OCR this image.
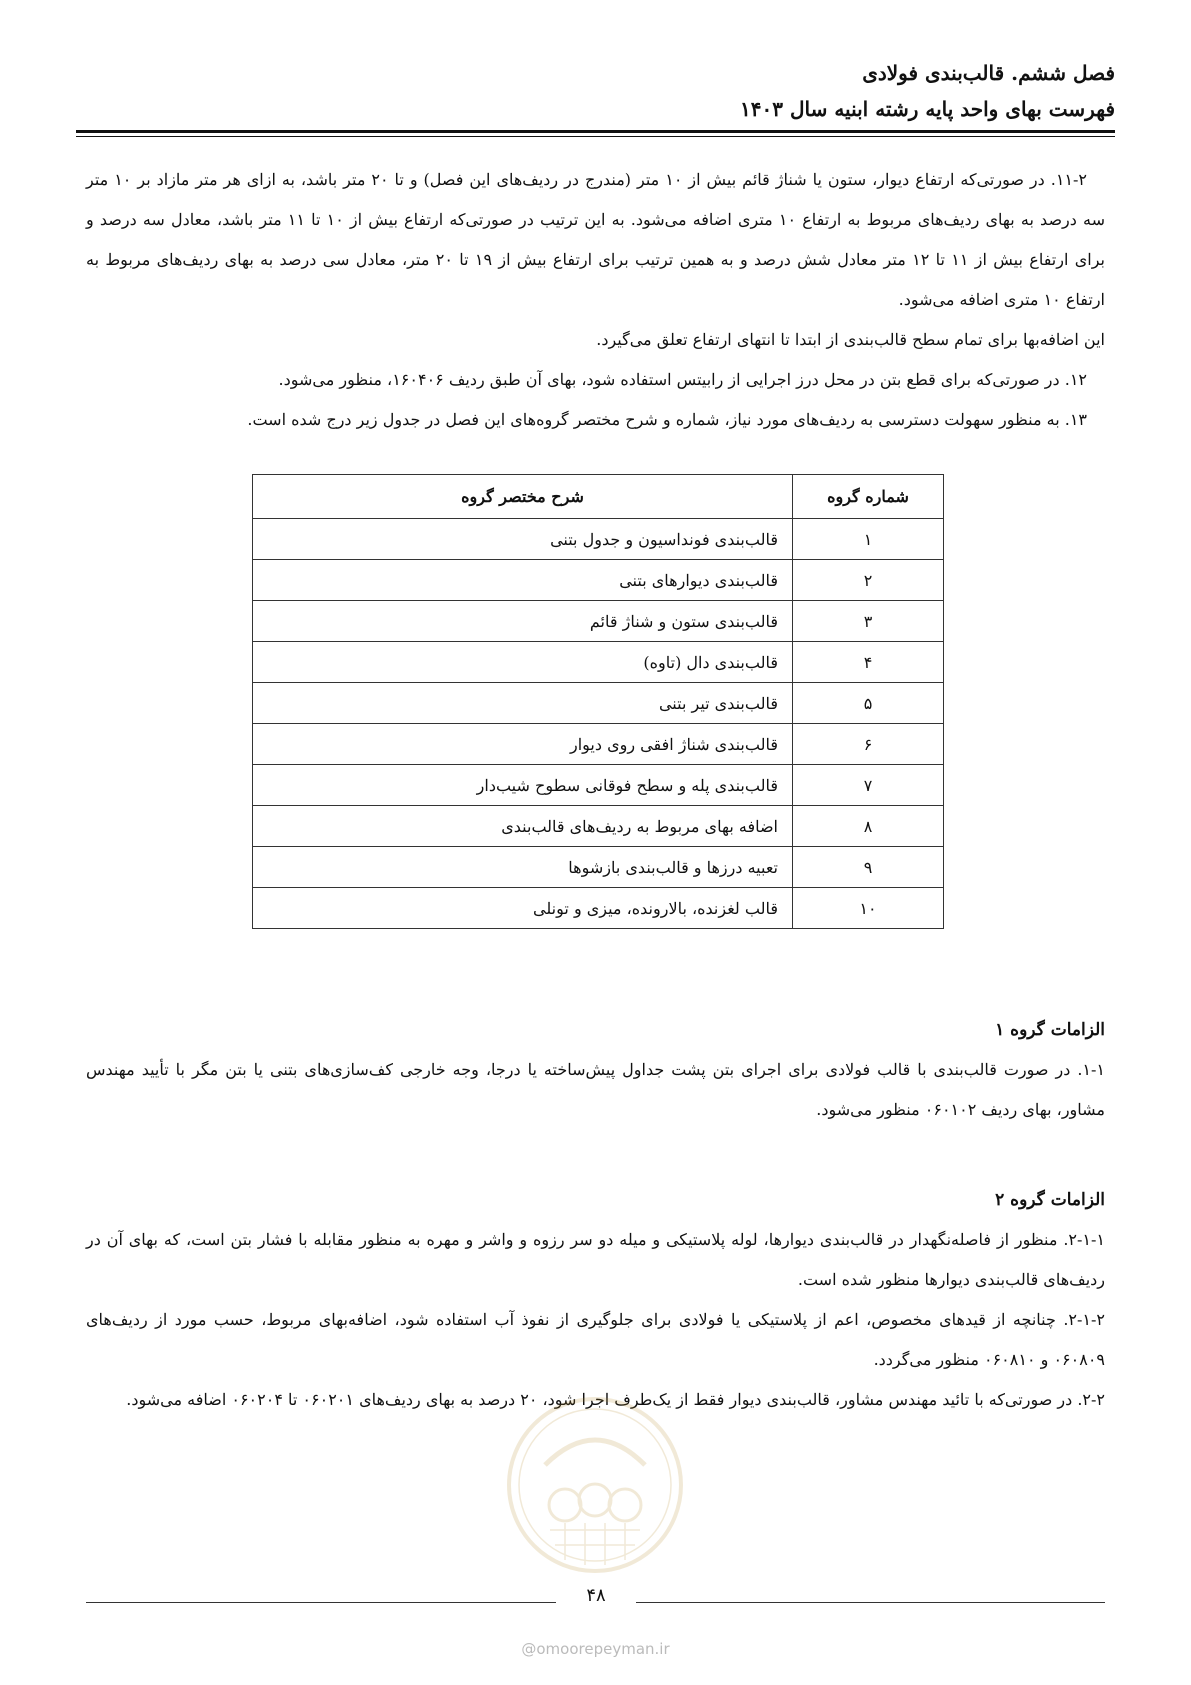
فصل ششم. قالب‌بندی فولادی
فهرست بهای واحد پایه رشته ابنیه سال ۱۴۰۳

۱۱-۲. در صورتی‌که ارتفاع دیوار، ستون یا شناژ قائم بیش از ۱۰ متر (مندرج در ردیف‌های این فصل) و تا ۲۰ متر باشد، به ازای هر متر مازاد بر ۱۰ متر سه درصد به بهای ردیف‌های مربوط به ارتفاع ۱۰ متری اضافه می‌شود. به این ترتیب در صورتی‌که ارتفاع بیش از ۱۰ تا ۱۱ متر باشد، معادل سه درصد و برای ارتفاع بیش از ۱۱ تا ۱۲ متر معادل شش درصد و به همین ترتیب برای ارتفاع بیش از ۱۹ تا ۲۰ متر، معادل سی درصد به بهای ردیف‌های مربوط به ارتفاع ۱۰ متری اضافه می‌شود.

این اضافه‌بها برای تمام سطح قالب‌بندی از ابتدا تا انتهای ارتفاع تعلق می‌گیرد.

۱۲. در صورتی‌که برای قطع بتن در محل درز اجرایی از رابیتس استفاده شود، بهای آن طبق ردیف ۱۶۰۴۰۶، منظور می‌شود.

۱۳. به منظور سهولت دسترسی به ردیف‌های مورد نیاز، شماره و شرح مختصر گروه‌های این فصل در جدول زیر درج شده است.

شماره گروه	شرح مختصر گروه
۱	قالب‌بندی فونداسیون و جدول بتنی
۲	قالب‌بندی دیوارهای بتنی
۳	قالب‌بندی ستون و شناژ قائم
۴	قالب‌بندی دال (تاوه)
۵	قالب‌بندی تیر بتنی
۶	قالب‌بندی شناژ افقی روی دیوار
۷	قالب‌بندی پله و سطح فوقانی سطوح شیب‌دار
۸	اضافه بهای مربوط به ردیف‌های قالب‌بندی
۹	تعبیه درزها و قالب‌بندی بازشوها
۱۰	قالب لغزنده، بالارونده، میزی و تونلی
الزامات گروه ۱

۱-۱. در صورت قالب‌بندی با قالب فولادی برای اجرای بتن پشت جداول پیش‌ساخته یا درجا، وجه خارجی کف‌سازی‌های بتنی یا بتن مگر با تأیید مهندس مشاور، بهای ردیف ۰۶۰۱۰۲ منظور می‌شود.

الزامات گروه ۲

۲-۱-۱. منظور از فاصله‌نگهدار در قالب‌بندی دیوارها، لوله پلاستیکی و میله دو سر رزوه و واشر و مهره به منظور مقابله با فشار بتن است، که بهای آن در ردیف‌های قالب‌بندی دیوارها منظور شده است.

۲-۱-۲. چنانچه از قیدهای مخصوص، اعم از پلاستیکی یا فولادی برای جلوگیری از نفوذ آب استفاده شود، اضافه‌بهای مربوط، حسب مورد از ردیف‌های ۰۶۰۸۰۹ و ۰۶۰۸۱۰ منظور می‌گردد.

۲-۲. در صورتی‌که با تائید مهندس مشاور، قالب‌بندی دیوار فقط از یک‌طرف اجرا شود، ۲۰ درصد به بهای ردیف‌های ۰۶۰۲۰۱ تا ۰۶۰۲۰۴ اضافه می‌شود.

۴۸
@omoorepeyman.ir
